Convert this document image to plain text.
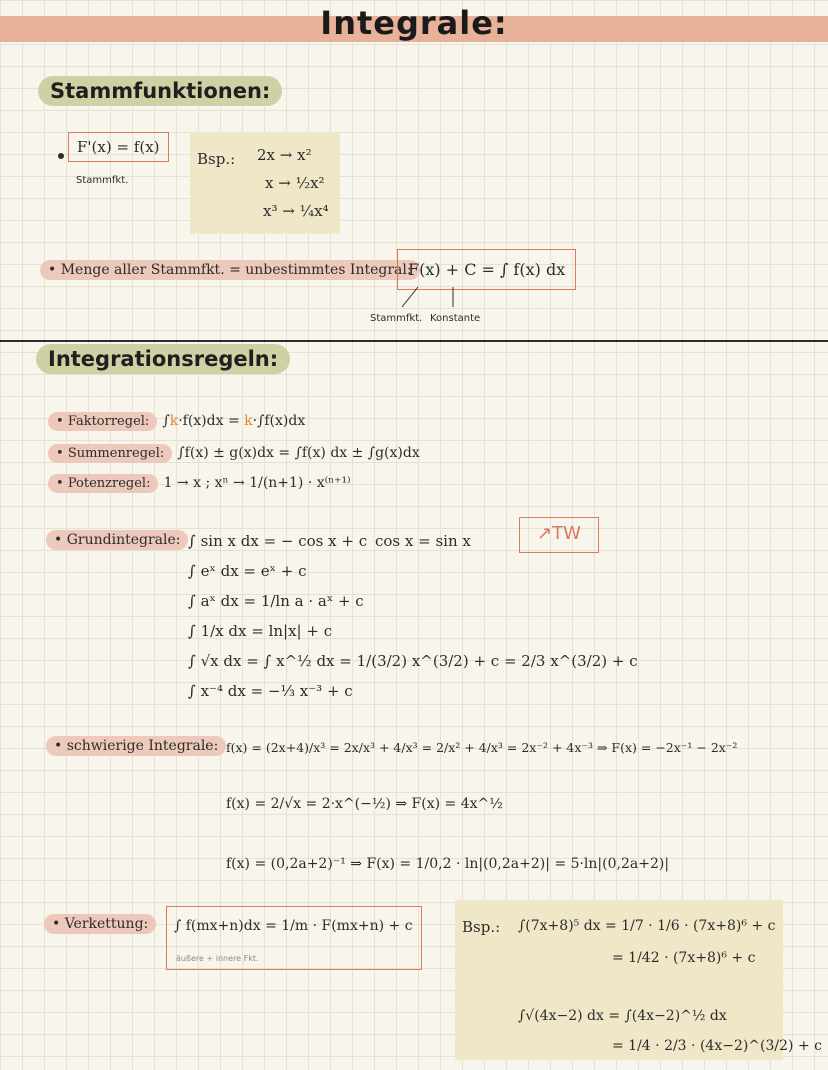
Integrale:
Stammfunktionen:
F'(x) = f(x)
Stammfkt.
Bsp.: 2x → x²
x → ½x²
x³ → ¼x⁴
• Menge aller Stammfkt. = unbestimmtes Integral:
F(x) + C = ∫ f(x) dx
Stammfkt. Konstante
Integrationsregeln:
• Faktorregel: ∫k·f(x)dx = k·∫f(x)dx
• Summenregel: ∫f(x) ± g(x)dx = ∫f(x) dx ± ∫g(x)dx
• Potenzregel: 1 → x ; xⁿ → 1/(n+1) · x⁽ⁿ⁺¹⁾
• Grundintegrale: ∫ sin x dx = − cos x + c cos x = sin x	↗TW
∫ eˣ dx = eˣ + c
∫ aˣ dx = 1/ln a · aˣ + c
∫ 1/x dx = ln|x| + c
∫ √x dx = ∫ x^½ dx = 1/(3/2) x^(3/2) + c = 2/3 x^(3/2) + c
∫ x⁻⁴ dx = −⅓ x⁻³ + c
• schwierige Integrale: f(x) = (2x+4)/x³ = 2x/x³ + 4/x³ = 2/x² + 4/x³ = 2x⁻² + 4x⁻³ ⇒ F(x) = −2x⁻¹ − 2x⁻²
f(x) = 2/√x = 2·x^(−½) ⇒ F(x) = 4x^½
f(x) = (0,2a+2)⁻¹ ⇒ F(x) = 1/0,2 · ln|(0,2a+2)| = 5·ln|(0,2a+2)|
• Verkettung:	∫ f(mx+n)dx = 1/m · F(mx+n) + c
äußere + innere Fkt.
Bsp.: ∫(7x+8)⁵ dx = 1/7 · 1/6 · (7x+8)⁶ + c
= 1/42 · (7x+8)⁶ + c
∫√(4x−2) dx = ∫(4x−2)^½ dx
= 1/4 · 2/3 · (4x−2)^(3/2) + c
